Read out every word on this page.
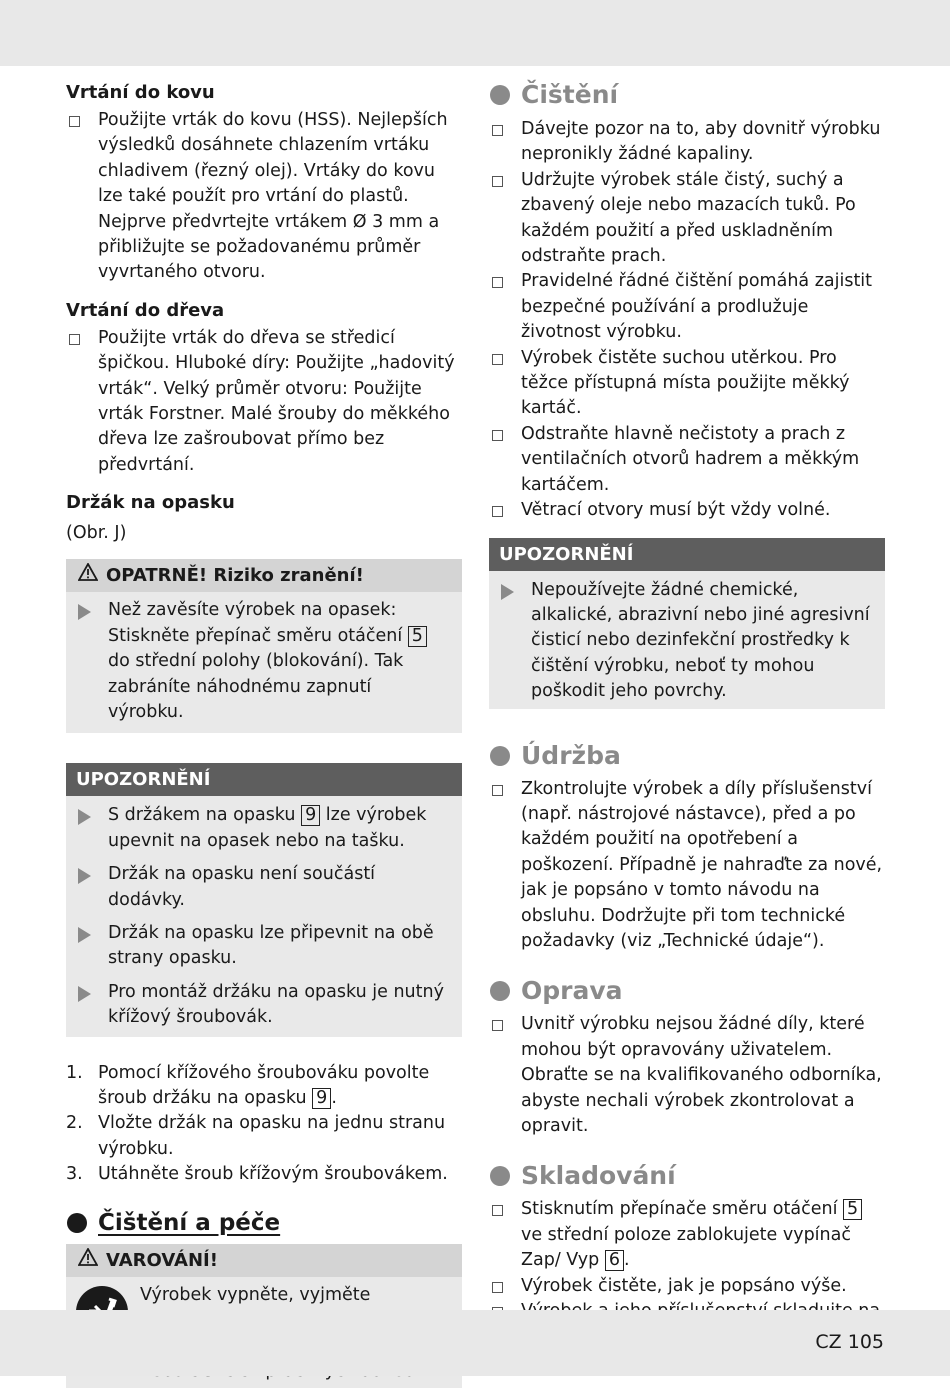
Vrtání do kovu
Použijte vrták do kovu (HSS). Nejlepších výsledků dosáhnete chlazením vrtáku chladivem (řezný olej). Vrtáky do kovu lze také použít pro vrtání do plastů. Nejprve předvrtejte vrtákem Ø 3 mm a přibližujte se požadovanému průměr vyvrtaného otvoru.
Vrtání do dřeva
Použijte vrták do dřeva se středicí špičkou. Hluboké díry: Použijte „hadovitý vrták“. Velký průměr otvoru: Použijte vrták Forstner. Malé šrouby do měkkého dřeva lze zašroubovat přímo bez předvrtání.
Držák na opasku

(Obr. J)

OPATRNĚ! Riziko zranění!
Než zavěsíte výrobek na opasek: Stiskněte přepínač směru otáčení 5 do střední polohy (blokování). Tak zabráníte náhodnému zapnutí výrobku.
UPOZORNĚNÍ
S držákem na opasku 9 lze výrobek upevnit na opasek nebo na tašku.
Držák na opasku není součástí dodávky.
Držák na opasku lze připevnit na obě strany opasku.
Pro montáž držáku na opasku je nutný křížový šroubovák.
1. Pomocí křížového šroubováku povolte šroub držáku na opasku 9 .
2. Vložte držák na opasku na jednu stranu výrobku.
3. Utáhněte šroub křížovým šroubovákem.
Čištění a péče
VAROVÁNÍ!
Výrobek vypněte, vyjměte
Čištění
Dávejte pozor na to, aby dovnitř výrobku nepronikly žádné kapaliny.
Udržujte výrobek stále čistý, suchý a zbavený oleje nebo mazacích tuků. Po každém použití a před uskladněním odstraňte prach.
Pravidelné řádné čištění pomáhá zajistit bezpečné používání a prodlužuje životnost výrobku.
Výrobek čistěte suchou utěrkou. Pro těžce přístupná místa použijte měkký kartáč.
Odstraňte hlavně nečistoty a prach z ventilačních otvorů hadrem a měkkým kartáčem.
Větrací otvory musí být vždy volné.
UPOZORNĚNÍ
Nepoužívejte žádné chemické, alkalické, abrazivní nebo jiné agresivní čisticí nebo dezinfekční prostředky k čištění výrobku, neboť ty mohou poškodit jeho povrchy.
Údržba
Zkontrolujte výrobek a díly příslušenství (např. nástrojové nástavce), před a po každém použití na opotřebení a poškození. Případně je nahraďte za nové, jak je popsáno v tomto návodu na obsluhu. Dodržujte při tom technické požadavky (viz „Technické údaje“).
Oprava
Uvnitř výrobku nejsou žádné díly, které mohou být opravovány uživatelem. Obraťte se na kvalifikovaného odborníka, abyste nechali výrobek zkontrolovat a opravit.
Skladování
Stisknutím přepínače směru otáčení 5 ve střední poloze zablokujete vypínač Zap/ Vyp 6 .
Výrobek čistěte, jak je popsáno výše.
CZ 105
